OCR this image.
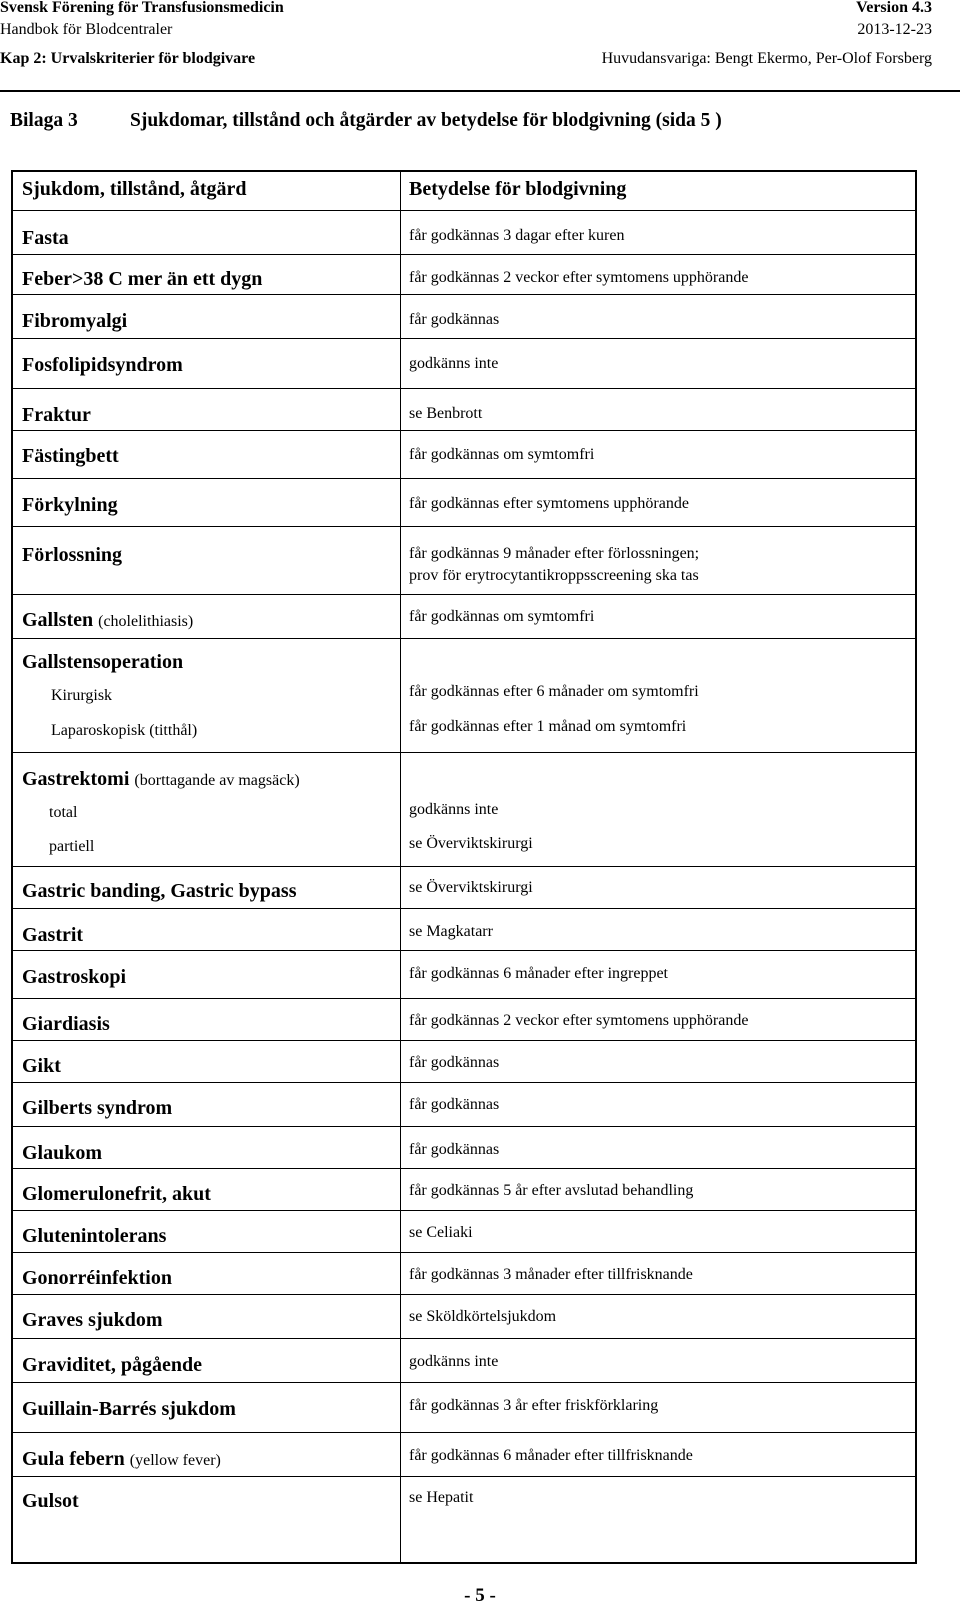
Svensk Förening för Transfusionsmedicin	Version 4.3
Handbok för Blodcentraler	2013-12-23
Kap 2: Urvalskriterier för blodgivare	Huvudansvariga: Bengt Ekermo, Per-Olof Forsberg
Bilaga 3	Sjukdomar, tillstånd och åtgärder av betydelse för blodgivning (sida 5 )
Sjukdom, tillstånd, åtgärd	Betydelse för blodgivning
Fasta	får godkännas 3 dagar efter kuren
Feber>38 C mer än ett dygn	får godkännas 2 veckor efter symtomens upphörande
Fibromyalgi	får godkännas
Fosfolipidsyndrom	godkänns inte
Fraktur	se Benbrott
Fästingbett	får godkännas om symtomfri
Förkylning	får godkännas efter symtomens upphörande
Förlossning	får godkännas 9 månader efter förlossningen;
prov för erytrocytantikroppsscreening ska tas
Gallsten (cholelithiasis)	får godkännas om symtomfri
Gallstensoperation
Kirurgisk	får godkännas efter 6 månader om symtomfri
Laparoskopisk (titthål)	får godkännas efter 1 månad om symtomfri
Gastrektomi (borttagande av magsäck)
total	godkänns inte
partiell	se Överviktskirurgi
Gastric banding, Gastric bypass	se Överviktskirurgi
Gastrit	se Magkatarr
Gastroskopi	får godkännas 6 månader efter ingreppet
Giardiasis	får godkännas 2 veckor efter symtomens upphörande
Gikt	får godkännas
Gilberts syndrom	får godkännas
Glaukom	får godkännas
Glomerulonefrit, akut	får godkännas 5 år efter avslutad behandling
Glutenintolerans	se Celiaki
Gonorréinfektion	får godkännas 3 månader efter tillfrisknande
Graves sjukdom	se Sköldkörtelsjukdom
Graviditet, pågående	godkänns inte
Guillain-Barrés sjukdom	får godkännas 3 år efter friskförklaring
Gula febern (yellow fever)	får godkännas 6 månader efter tillfrisknande
Gulsot	se Hepatit
- 5 -
